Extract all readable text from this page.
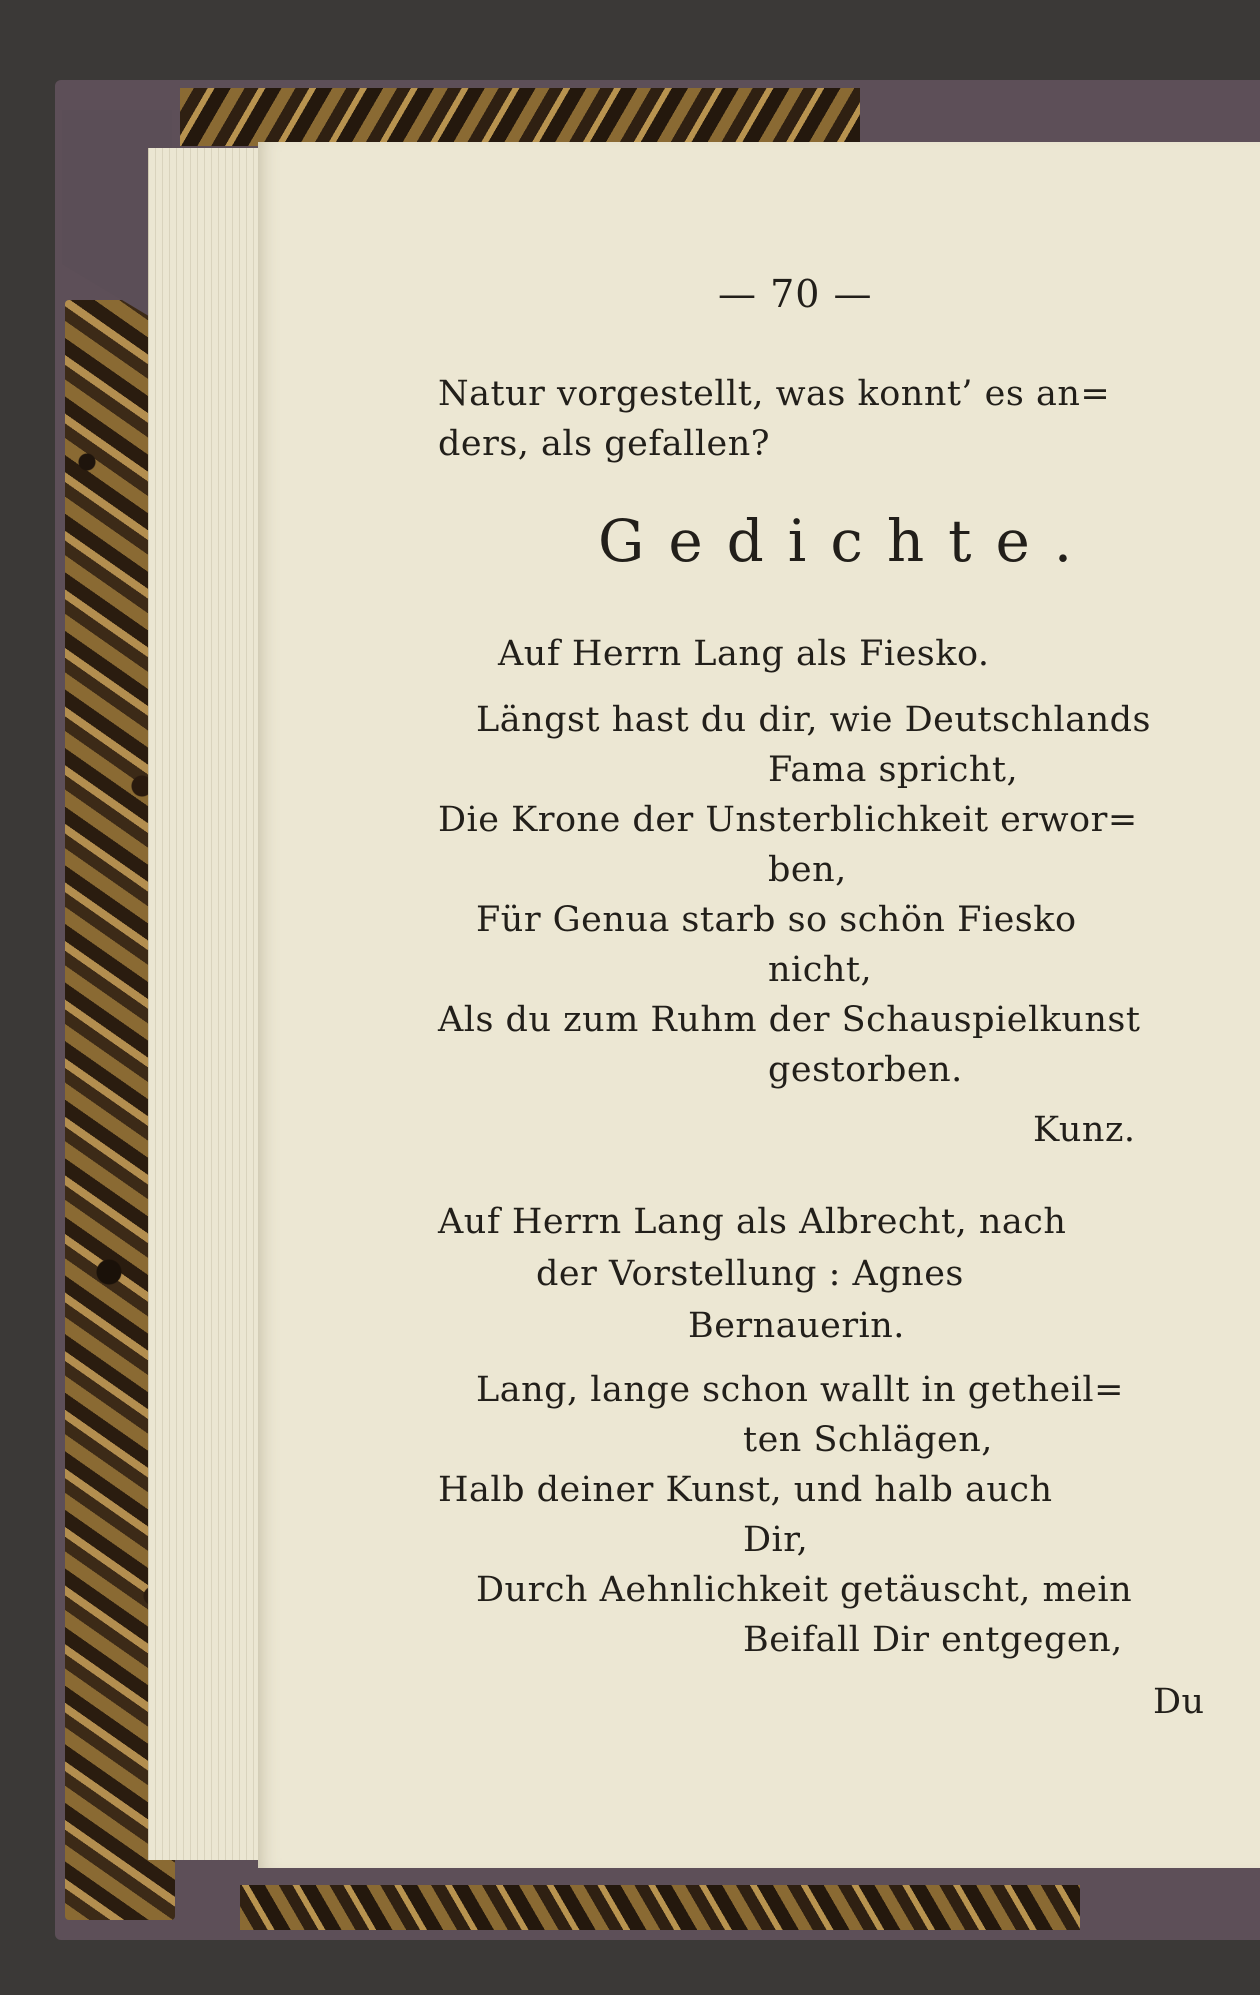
— 70 —
Natur vorgestellt, was konnt’ es an=
ders, als gefallen?
Gedichte.
Auf Herrn Lang als Fiesko.
Längst hast du dir, wie Deutschlands
Fama spricht,
Die Krone der Unsterblichkeit erwor=
ben,
Für Genua starb so schön Fiesko
nicht,
Als du zum Ruhm der Schauspielkunst
gestorben.
Kunz.
Auf Herrn Lang als Albrecht, nach
der Vorstellung : Agnes
Bernauerin.
Lang, lange schon wallt in getheil=
ten Schlägen,
Halb deiner Kunst, und halb auch
Dir,
Durch Aehnlichkeit getäuscht, mein
Beifall Dir entgegen,
Du
